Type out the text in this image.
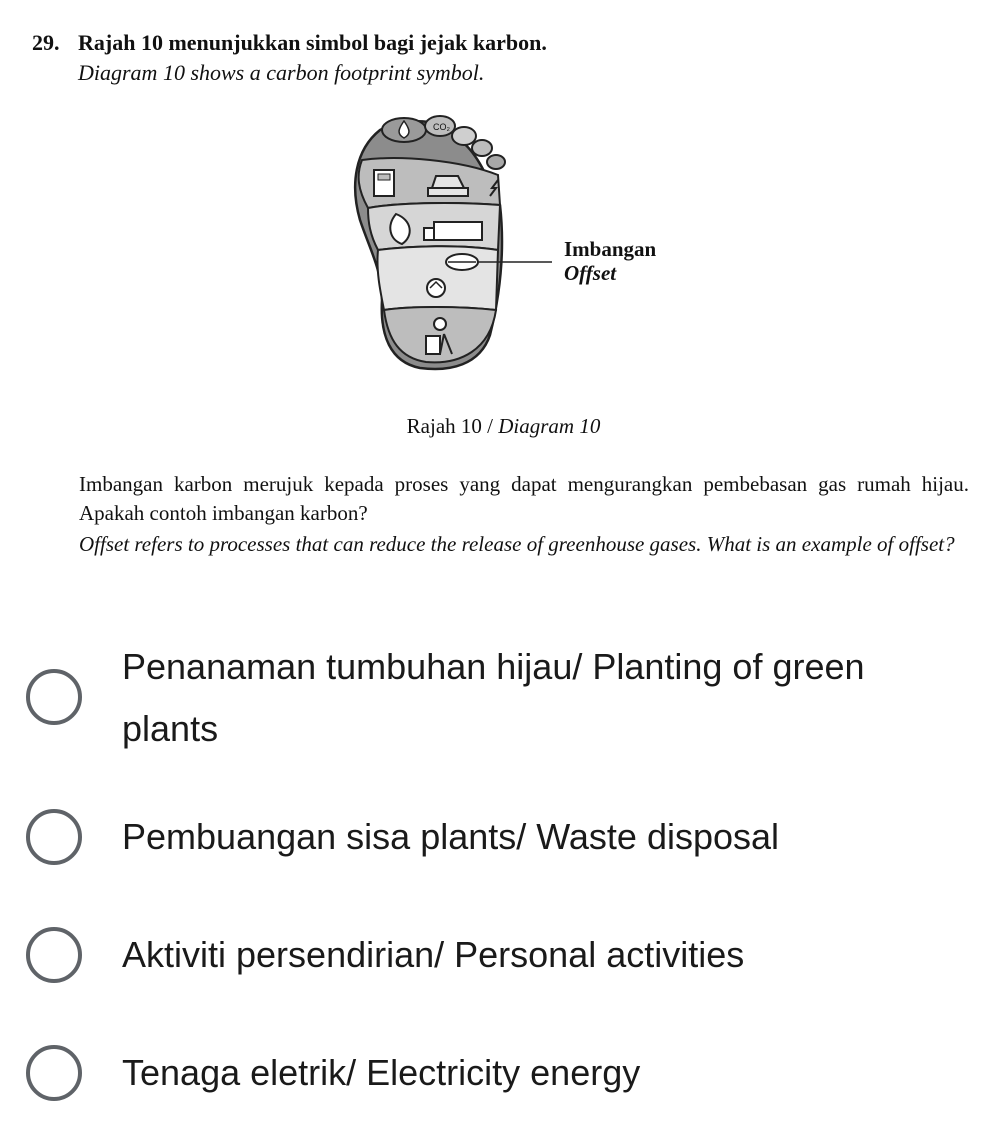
29. Rajah 10 menunjukkan simbol bagi jejak karbon.
Diagram 10 shows a carbon footprint symbol.
CO₂
Imbangan
Offset
Rajah 10 / Diagram 10

Imbangan karbon merujuk kepada proses yang dapat mengurangkan pembebasan gas rumah hijau. Apakah contoh imbangan karbon?

Offset refers to processes that can reduce the release of greenhouse gases. What is an example of offset?

Penanaman tumbuhan hijau/ Planting of green plants
Pembuangan sisa plants/ Waste disposal
Aktiviti persendirian/ Personal activities
Tenaga eletrik/ Electricity energy
